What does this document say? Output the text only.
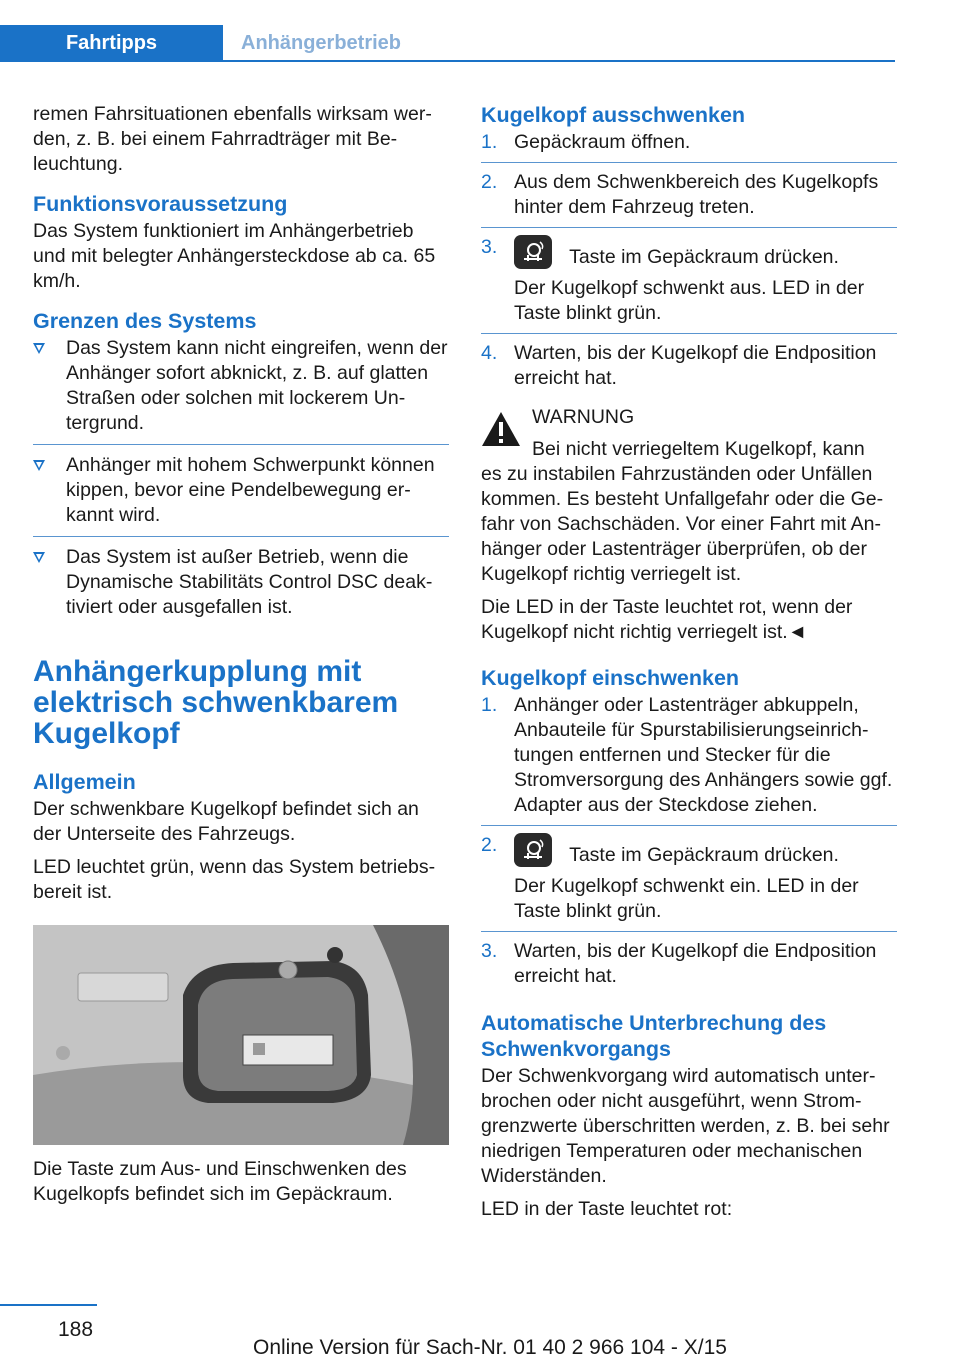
Fahrtipps	Anhängerbetrieb

remen Fahrsituationen ebenfalls wirksam werden, z. B. bei einem Fahrradträger mit Beleuchtung.

Funktionsvoraussetzung

Das System funktioniert im Anhängerbetrieb und mit belegter Anhängersteckdose ab ca. 65 km/h.

Grenzen des Systems
Das System kann nicht eingreifen, wenn der Anhänger sofort abknickt, z. B. auf glatten Straßen oder solchen mit lockerem Untergrund.
Anhänger mit hohem Schwerpunkt können kippen, bevor eine Pendelbewegung erkannt wird.
Das System ist außer Betrieb, wenn die Dynamische Stabilitäts Control DSC deaktiviert oder ausgefallen ist.
Anhängerkupplung mit elektrisch schwenkbarem Kugelkopf
Allgemein

Der schwenkbare Kugelkopf befindet sich an der Unterseite des Fahrzeugs.

LED leuchtet grün, wenn das System betriebsbereit ist.

Die Taste zum Aus- und Einschwenken des Kugelkopfs befindet sich im Gepäckraum.

Kugelkopf ausschwenken
1. Gepäckraum öffnen.
2. Aus dem Schwenkbereich des Kugelkopfs hinter dem Fahrzeug treten.
3.	Taste im Gepäckraum drücken.
Der Kugelkopf schwenkt aus. LED in der Taste blinkt grün.
4. Warten, bis der Kugelkopf die Endposition erreicht hat.
WARNUNG
Bei nicht verriegeltem Kugelkopf, kann
es zu instabilen Fahrzuständen oder Unfällen kommen. Es besteht Unfallgefahr oder die Gefahr von Sachschäden. Vor einer Fahrt mit Anhänger oder Lastenträger überprüfen, ob der Kugelkopf richtig verriegelt ist.

Die LED in der Taste leuchtet rot, wenn der Kugelkopf nicht richtig verriegelt ist.◄

Kugelkopf einschwenken
1. Anhänger oder Lastenträger abkuppeln, Anbauteile für Spurstabilisierungseinrichtungen entfernen und Stecker für die Stromversorgung des Anhängers sowie ggf. Adapter aus der Steckdose ziehen.
2.	Taste im Gepäckraum drücken.
Der Kugelkopf schwenkt ein. LED in der Taste blinkt grün.
3. Warten, bis der Kugelkopf die Endposition erreicht hat.
Automatische Unterbrechung des Schwenkvorgangs

Der Schwenkvorgang wird automatisch unterbrochen oder nicht ausgeführt, wenn Stromgrenzwerte überschritten werden, z. B. bei sehr niedrigen Temperaturen oder mechanischen Widerständen.

LED in der Taste leuchtet rot:

188
Online Version für Sach-Nr. 01 40 2 966 104 - X/15
